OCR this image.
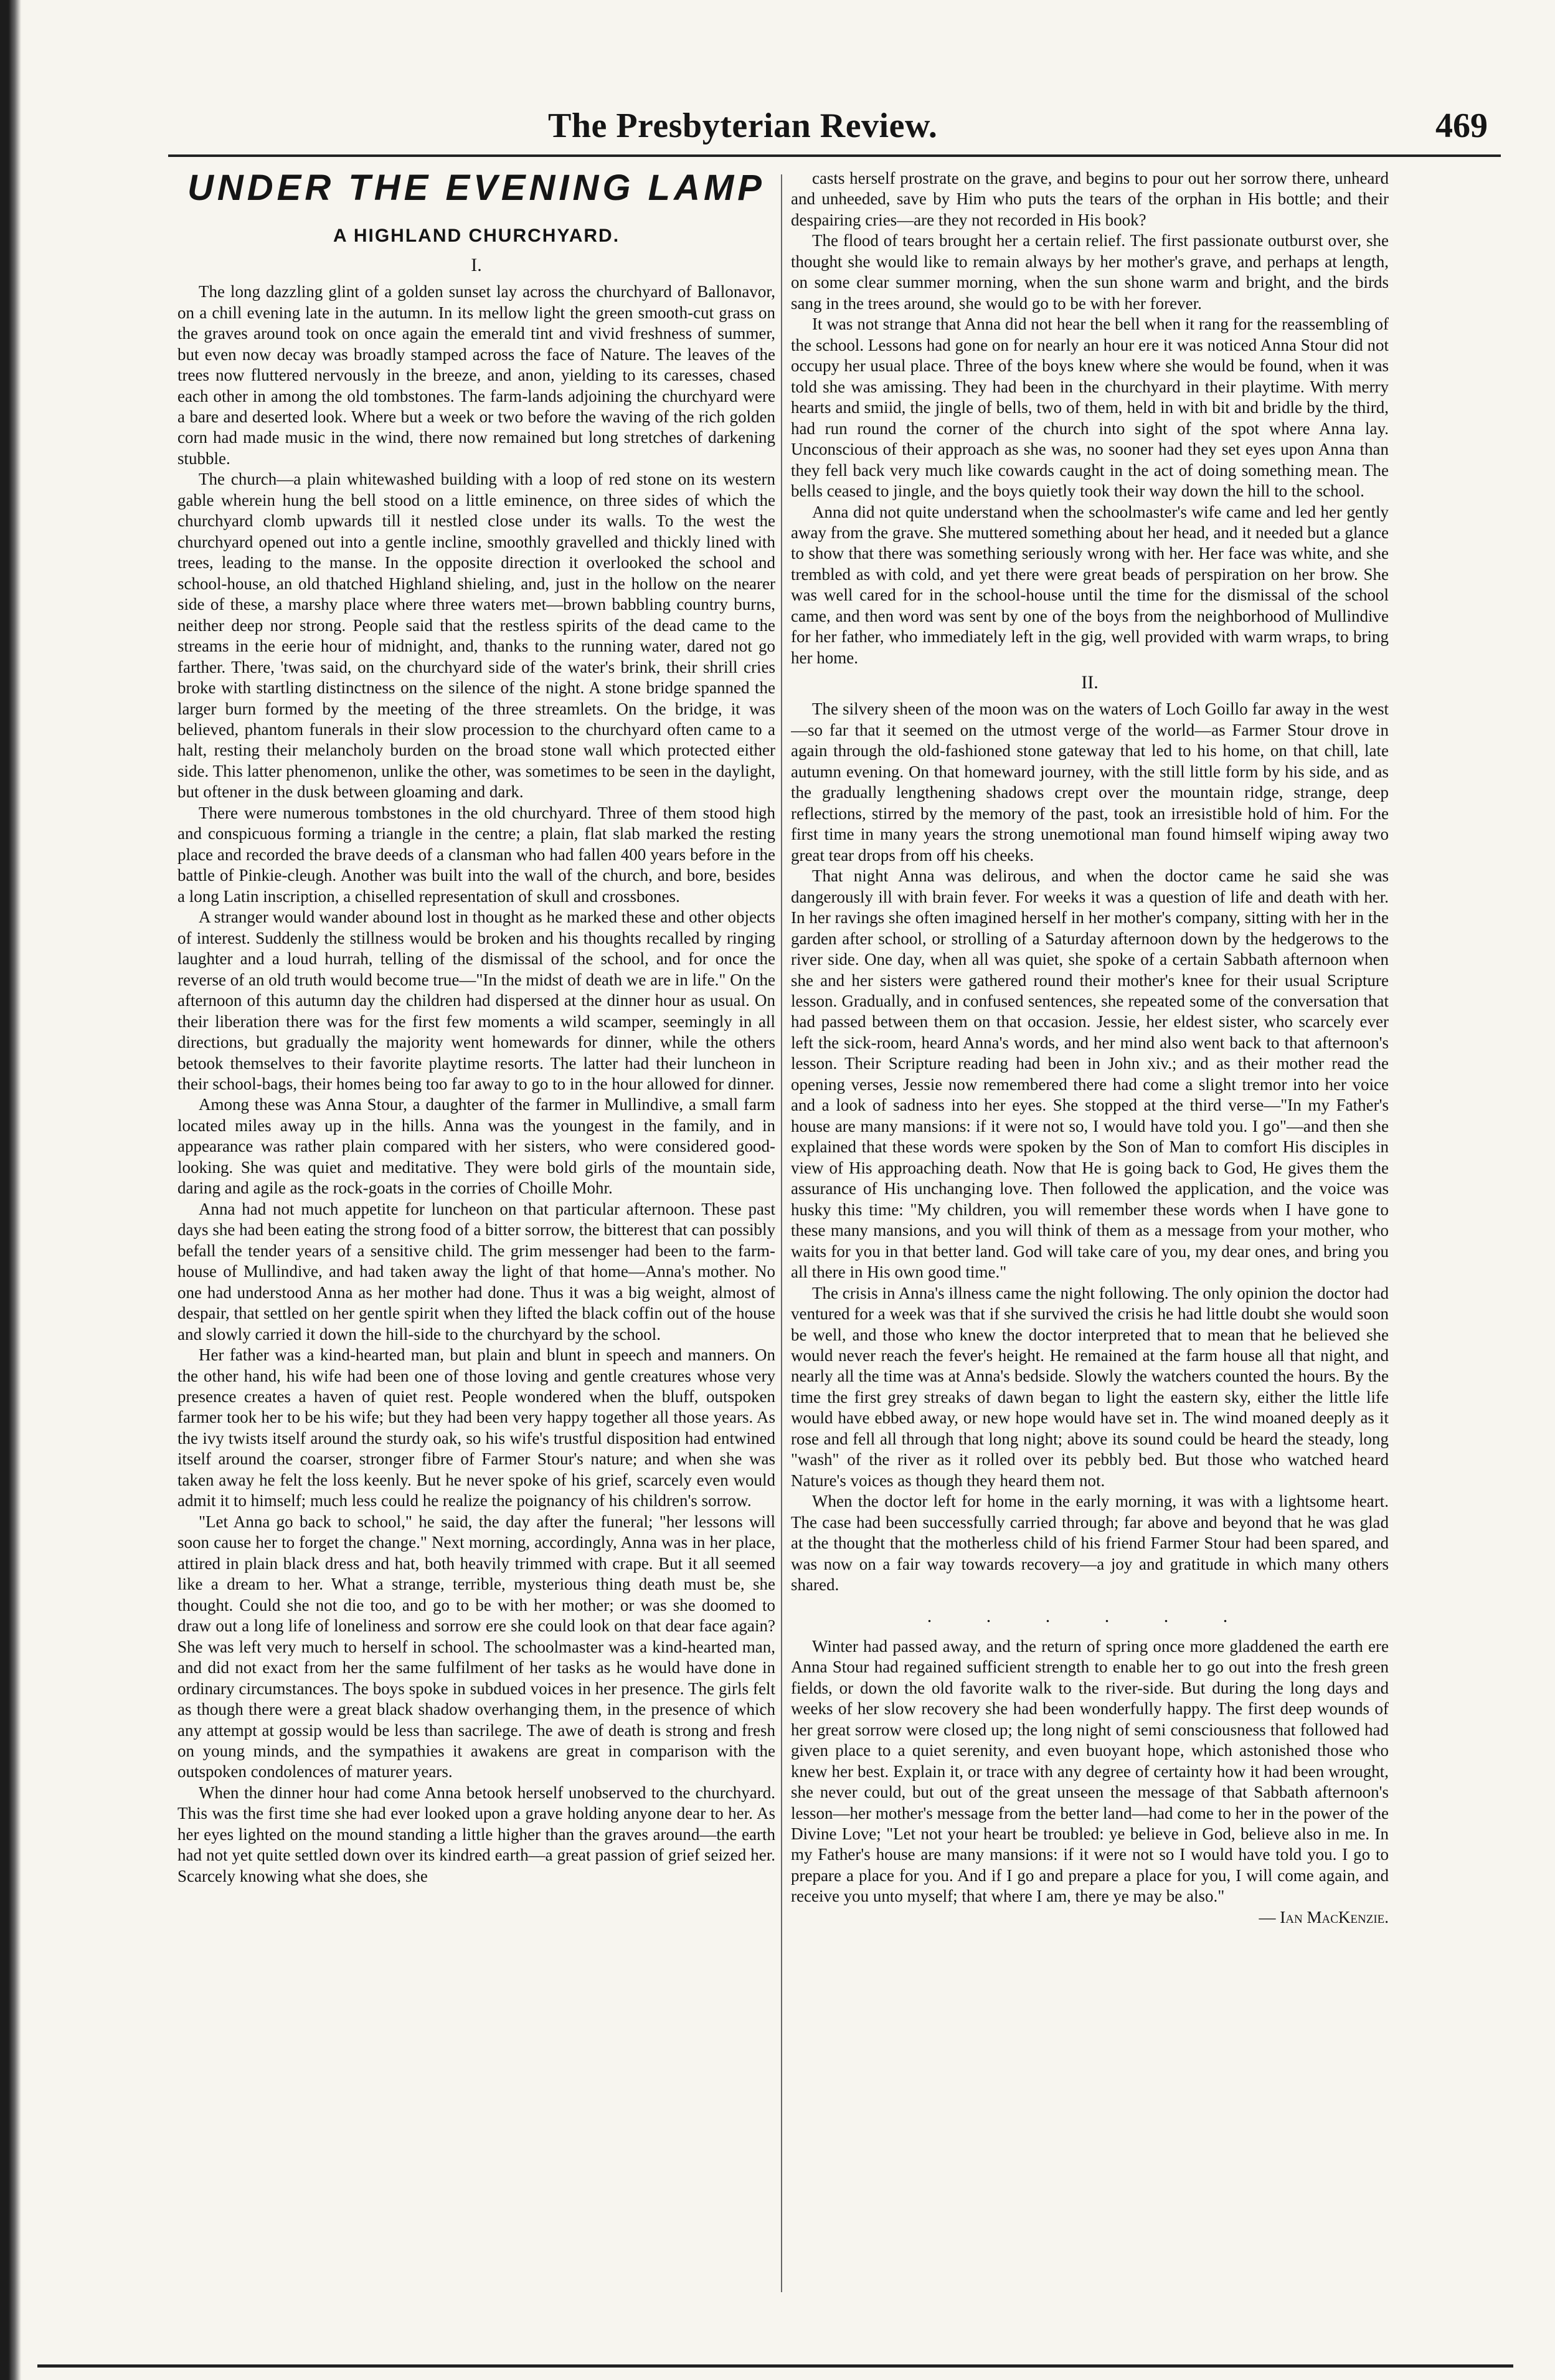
The Presbyterian Review.	469
UNDER THE EVENING LAMP
A HIGHLAND CHURCHYARD.
I.

The long dazzling glint of a golden sunset lay across the churchyard of Ballonavor, on a chill evening late in the autumn. In its mellow light the green smooth-cut grass on the graves around took on once again the emerald tint and vivid freshness of summer, but even now decay was broadly stamped across the face of Nature. The leaves of the trees now fluttered nervously in the breeze, and anon, yielding to its caresses, chased each other in among the old tombstones. The farm-lands adjoining the churchyard were a bare and deserted look. Where but a week or two before the waving of the rich golden corn had made music in the wind, there now remained but long stretches of darkening stubble.

The church—a plain whitewashed building with a loop of red stone on its western gable wherein hung the bell stood on a little eminence, on three sides of which the churchyard clomb upwards till it nestled close under its walls. To the west the churchyard opened out into a gentle incline, smoothly gravelled and thickly lined with trees, leading to the manse. In the opposite direction it overlooked the school and school-house, an old thatched Highland shieling, and, just in the hollow on the nearer side of these, a marshy place where three waters met—brown babbling country burns, neither deep nor strong. People said that the restless spirits of the dead came to the streams in the eerie hour of midnight, and, thanks to the running water, dared not go farther. There, 'twas said, on the churchyard side of the water's brink, their shrill cries broke with startling distinctness on the silence of the night. A stone bridge spanned the larger burn formed by the meeting of the three streamlets. On the bridge, it was believed, phantom funerals in their slow procession to the churchyard often came to a halt, resting their melancholy burden on the broad stone wall which protected either side. This latter phenomenon, unlike the other, was sometimes to be seen in the daylight, but oftener in the dusk between gloaming and dark.

There were numerous tombstones in the old churchyard. Three of them stood high and conspicuous forming a triangle in the centre; a plain, flat slab marked the resting place and recorded the brave deeds of a clansman who had fallen 400 years before in the battle of Pinkie-cleugh. Another was built into the wall of the church, and bore, besides a long Latin inscription, a chiselled representation of skull and crossbones.

A stranger would wander abound lost in thought as he marked these and other objects of interest. Suddenly the stillness would be broken and his thoughts recalled by ringing laughter and a loud hurrah, telling of the dismissal of the school, and for once the reverse of an old truth would become true—"In the midst of death we are in life." On the afternoon of this autumn day the children had dispersed at the dinner hour as usual. On their liberation there was for the first few moments a wild scamper, seemingly in all directions, but gradually the majority went homewards for dinner, while the others betook themselves to their favorite playtime resorts. The latter had their luncheon in their school-bags, their homes being too far away to go to in the hour allowed for dinner.

Among these was Anna Stour, a daughter of the farmer in Mullindive, a small farm located miles away up in the hills. Anna was the youngest in the family, and in appearance was rather plain compared with her sisters, who were considered good-looking. She was quiet and meditative. They were bold girls of the mountain side, daring and agile as the rock-goats in the corries of Choille Mohr.

Anna had not much appetite for luncheon on that particular afternoon. These past days she had been eating the strong food of a bitter sorrow, the bitterest that can possibly befall the tender years of a sensitive child. The grim messenger had been to the farm-house of Mullindive, and had taken away the light of that home—Anna's mother. No one had understood Anna as her mother had done. Thus it was a big weight, almost of despair, that settled on her gentle spirit when they lifted the black coffin out of the house and slowly carried it down the hill-side to the churchyard by the school.

Her father was a kind-hearted man, but plain and blunt in speech and manners. On the other hand, his wife had been one of those loving and gentle creatures whose very presence creates a haven of quiet rest. People wondered when the bluff, outspoken farmer took her to be his wife; but they had been very happy together all those years. As the ivy twists itself around the sturdy oak, so his wife's trustful disposition had entwined itself around the coarser, stronger fibre of Farmer Stour's nature; and when she was taken away he felt the loss keenly. But he never spoke of his grief, scarcely even would admit it to himself; much less could he realize the poignancy of his children's sorrow.

"Let Anna go back to school," he said, the day after the funeral; "her lessons will soon cause her to forget the change." Next morning, accordingly, Anna was in her place, attired in plain black dress and hat, both heavily trimmed with crape. But it all seemed like a dream to her. What a strange, terrible, mysterious thing death must be, she thought. Could she not die too, and go to be with her mother; or was she doomed to draw out a long life of loneliness and sorrow ere she could look on that dear face again? She was left very much to herself in school. The schoolmaster was a kind-hearted man, and did not exact from her the same fulfilment of her tasks as he would have done in ordinary circumstances. The boys spoke in subdued voices in her presence. The girls felt as though there were a great black shadow overhanging them, in the presence of which any attempt at gossip would be less than sacrilege. The awe of death is strong and fresh on young minds, and the sympathies it awakens are great in comparison with the outspoken condolences of maturer years.

When the dinner hour had come Anna betook herself unobserved to the churchyard. This was the first time she had ever looked upon a grave holding anyone dear to her. As her eyes lighted on the mound standing a little higher than the graves around—the earth had not yet quite settled down over its kindred earth—a great passion of grief seized her. Scarcely knowing what she does, she

casts herself prostrate on the grave, and begins to pour out her sorrow there, unheard and unheeded, save by Him who puts the tears of the orphan in His bottle; and their despairing cries—are they not recorded in His book?

The flood of tears brought her a certain relief. The first passionate outburst over, she thought she would like to remain always by her mother's grave, and perhaps at length, on some clear summer morning, when the sun shone warm and bright, and the birds sang in the trees around, she would go to be with her forever.

It was not strange that Anna did not hear the bell when it rang for the reassembling of the school. Lessons had gone on for nearly an hour ere it was noticed Anna Stour did not occupy her usual place. Three of the boys knew where she would be found, when it was told she was amissing. They had been in the churchyard in their playtime. With merry hearts and smiid, the jingle of bells, two of them, held in with bit and bridle by the third, had run round the corner of the church into sight of the spot where Anna lay. Unconscious of their approach as she was, no sooner had they set eyes upon Anna than they fell back very much like cowards caught in the act of doing something mean. The bells ceased to jingle, and the boys quietly took their way down the hill to the school.

Anna did not quite understand when the schoolmaster's wife came and led her gently away from the grave. She muttered something about her head, and it needed but a glance to show that there was something seriously wrong with her. Her face was white, and she trembled as with cold, and yet there were great beads of perspiration on her brow. She was well cared for in the school-house until the time for the dismissal of the school came, and then word was sent by one of the boys from the neighborhood of Mullindive for her father, who immediately left in the gig, well provided with warm wraps, to bring her home.

II.

The silvery sheen of the moon was on the waters of Loch Goillo far away in the west—so far that it seemed on the utmost verge of the world—as Farmer Stour drove in again through the old-fashioned stone gateway that led to his home, on that chill, late autumn evening. On that homeward journey, with the still little form by his side, and as the gradually lengthening shadows crept over the mountain ridge, strange, deep reflections, stirred by the memory of the past, took an irresistible hold of him. For the first time in many years the strong unemotional man found himself wiping away two great tear drops from off his cheeks.

That night Anna was delirous, and when the doctor came he said she was dangerously ill with brain fever. For weeks it was a question of life and death with her. In her ravings she often imagined herself in her mother's company, sitting with her in the garden after school, or strolling of a Saturday afternoon down by the hedgerows to the river side. One day, when all was quiet, she spoke of a certain Sabbath afternoon when she and her sisters were gathered round their mother's knee for their usual Scripture lesson. Gradually, and in confused sentences, she repeated some of the conversation that had passed between them on that occasion. Jessie, her eldest sister, who scarcely ever left the sick-room, heard Anna's words, and her mind also went back to that afternoon's lesson. Their Scripture reading had been in John xiv.; and as their mother read the opening verses, Jessie now remembered there had come a slight tremor into her voice and a look of sadness into her eyes. She stopped at the third verse—"In my Father's house are many mansions: if it were not so, I would have told you. I go"—and then she explained that these words were spoken by the Son of Man to comfort His disciples in view of His approaching death. Now that He is going back to God, He gives them the assurance of His unchanging love. Then followed the application, and the voice was husky this time: "My children, you will remember these words when I have gone to these many mansions, and you will think of them as a message from your mother, who waits for you in that better land. God will take care of you, my dear ones, and bring you all there in His own good time."

The crisis in Anna's illness came the night following. The only opinion the doctor had ventured for a week was that if she survived the crisis he had little doubt she would soon be well, and those who knew the doctor interpreted that to mean that he believed she would never reach the fever's height. He remained at the farm house all that night, and nearly all the time was at Anna's bedside. Slowly the watchers counted the hours. By the time the first grey streaks of dawn began to light the eastern sky, either the little life would have ebbed away, or new hope would have set in. The wind moaned deeply as it rose and fell all through that long night; above its sound could be heard the steady, long "wash" of the river as it rolled over its pebbly bed. But those who watched heard Nature's voices as though they heard them not.

When the doctor left for home in the early morning, it was with a lightsome heart. The case had been successfully carried through; far above and beyond that he was glad at the thought that the motherless child of his friend Farmer Stour had been spared, and was now on a fair way towards recovery—a joy and gratitude in which many others shared.

. . . . . .

Winter had passed away, and the return of spring once more gladdened the earth ere Anna Stour had regained sufficient strength to enable her to go out into the fresh green fields, or down the old favorite walk to the river-side. But during the long days and weeks of her slow recovery she had been wonderfully happy. The first deep wounds of her great sorrow were closed up; the long night of semi consciousness that followed had given place to a quiet serenity, and even buoyant hope, which astonished those who knew her best. Explain it, or trace with any degree of certainty how it had been wrought, she never could, but out of the great unseen the message of that Sabbath afternoon's lesson—her mother's message from the better land—had come to her in the power of the Divine Love; "Let not your heart be troubled: ye believe in God, believe also in me. In my Father's house are many mansions: if it were not so I would have told you. I go to prepare a place for you. And if I go and prepare a place for you, I will come again, and receive you unto myself; that where I am, there ye may be also."

— Ian MacKenzie.
